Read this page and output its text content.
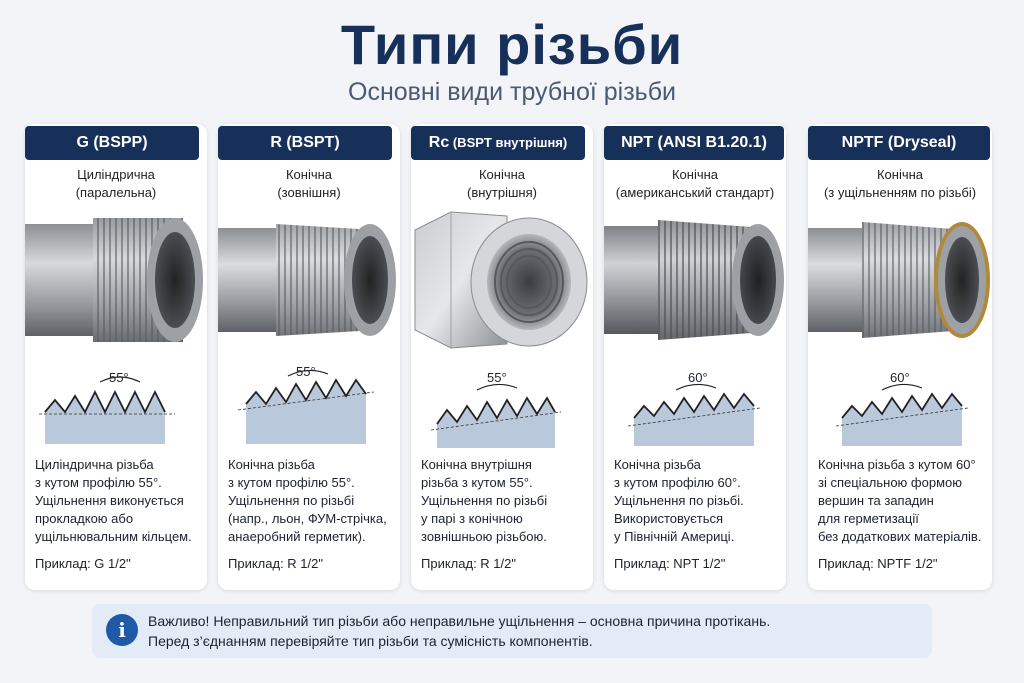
Типи різьби
Основні види трубної різьби
G (BSPP)
Циліндрична
(паралельна)
55°
Циліндрична різьба
з кутом профілю 55°.
Ущільнення виконується
прокладкою або
ущільнювальним кільцем.
Приклад: G 1/2"
R (BSPT)
Конічна
(зовнішня)
55°
Конічна різьба
з кутом профілю 55°.
Ущільнення по різьбі
(напр., льон, ФУМ-стрічка,
анаеробний герметик).
Приклад: R 1/2"
Rc (BSPT внутрішня)
Конічна
(внутрішня)
55°
Конічна внутрішня
різьба з кутом 55°.
Ущільнення по різьбі
у парі з конічною
зовнішньою різьбою.
Приклад: R 1/2"
NPT (ANSI B1.20.1)
Конічна
(американський стандарт)
60°
Конічна різьба
з кутом профілю 60°.
Ущільнення по різьбі.
Використовується
у Північній Америці.
Приклад: NPT 1/2"
NPTF (Dryseal)
Конічна
(з ущільненням по різьбі)
60°
Конічна різьба з кутом 60°
зі спеціальною формою
вершин та западин
для герметизації
без додаткових матеріалів.
Приклад: NPTF 1/2"
i	Важливо! Неправильний тип різьби або неправильне ущільнення – основна причина протікань.
Перед з’єднанням перевіряйте тип різьби та сумісність компонентів.
